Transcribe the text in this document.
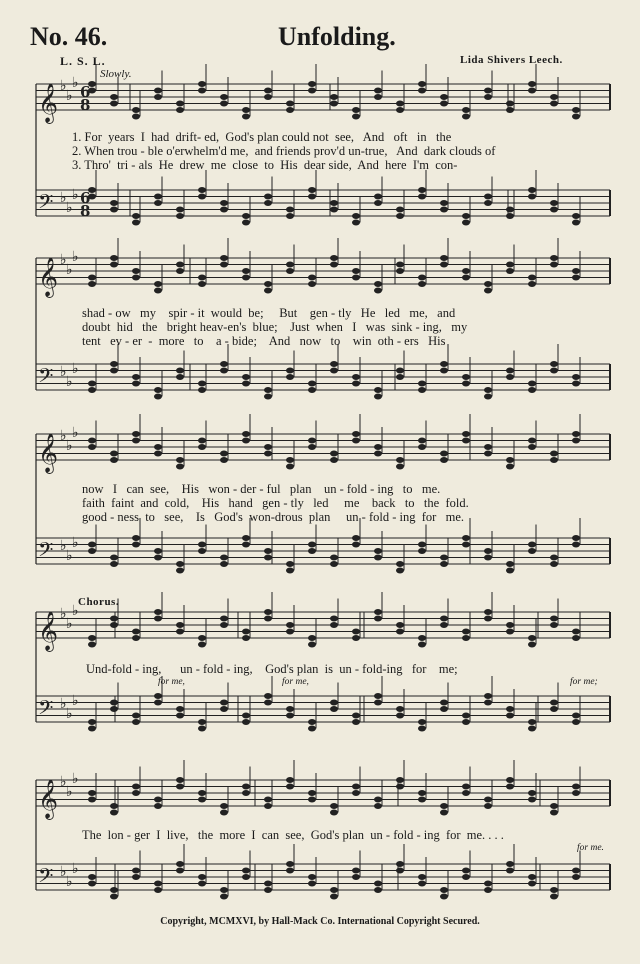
No. 46.	Unfolding.
L. S. L.	Lida Shivers Leech.
Slowly.
𝄞 ♭
♭
♭
𝄢 ♭
♭
♭
𝄞 ♭
♭
♭
𝄢 ♭
♭
♭
𝄞 ♭
♭
♭
𝄢 ♭
♭
♭
𝄞 ♭
♭
♭
𝄢 ♭
♭
♭
𝄞 ♭
♭
♭
𝄢 ♭
♭
♭
6
8
6
8
1. For  years  I  had  drift- ed,  God's plan could not  see,   And   oft   in   the
2. When trou - ble o'erwhelm'd me,  and friends prov'd un-true,   And  dark clouds of
3. Thro'  tri - als  He  drew  me  close  to  His  dear side,  And  here  I'm  con-
shad - ow   my    spir - it  would  be;     But    gen - tly   He   led   me,   and
doubt  hid   the   bright heav-en's  blue;    Just  when   I   was  sink - ing,   my
tent   ev - er  -  more   to    a - bide;    And   now   to    win  oth - ers   His
now   I   can  see,    His   won - der - ful   plan    un - fold - ing   to   me.
faith  faint  and  cold,    His   hand   gen - tly   led     me    back   to   the  fold.
good - ness  to   see,    Is   God's  won-drous  plan     un - fold - ing  for   me.
Chorus.
Und-fold - ing,      un - fold - ing,    God's plan  is  un - fold-ing   for    me;
for me,	for me,	for me;
The  lon - ger  I  live,   the  more  I  can  see,  God's plan  un - fold - ing  for  me. . . .
for me.
Copyright, MCMXVI, by Hall-Mack Co. International Copyright Secured.
